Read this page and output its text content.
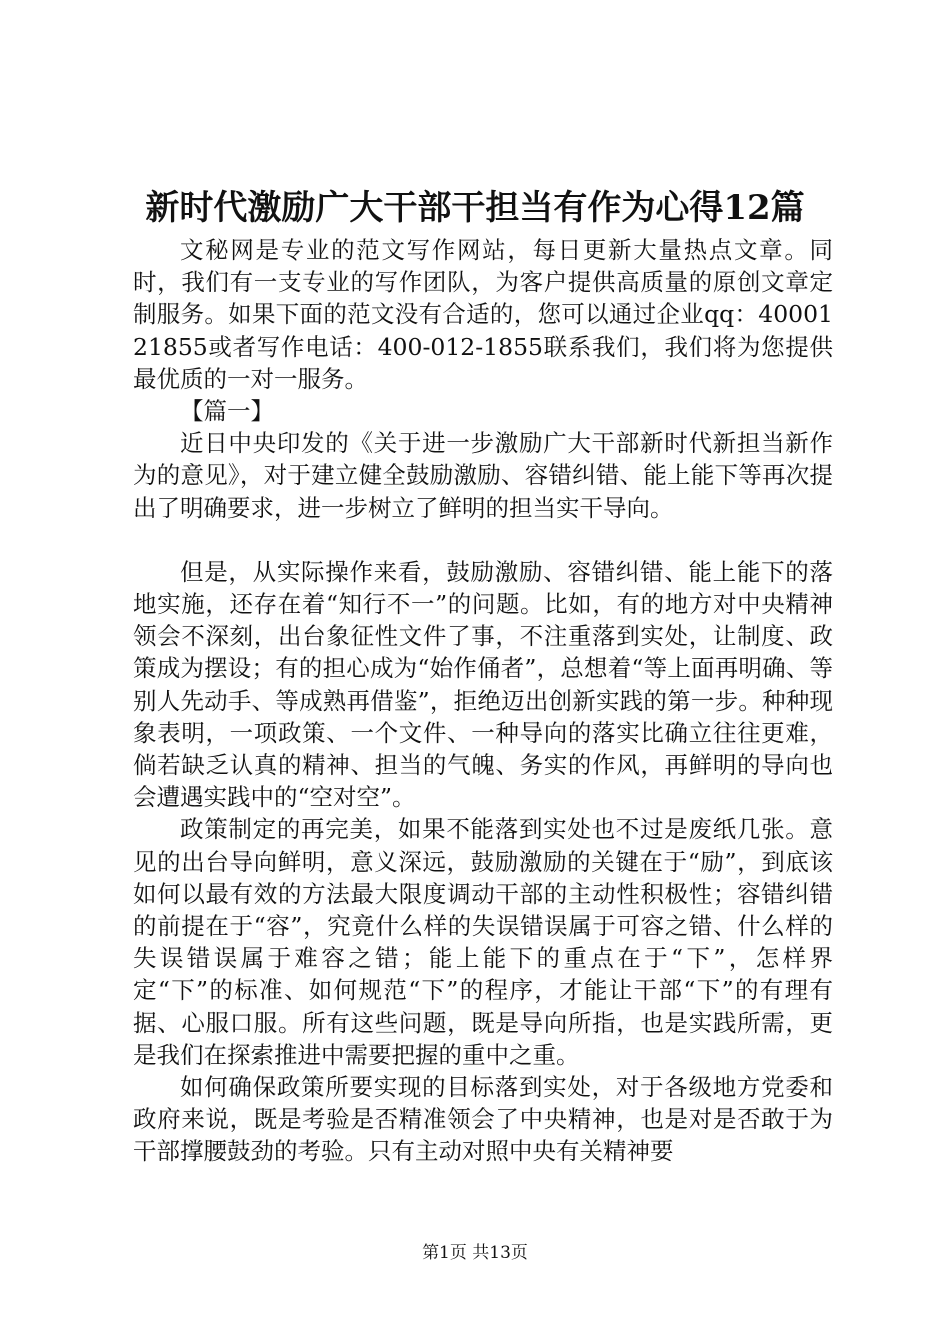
新时代激励广大干部干担当有作为心得12篇

文秘网是专业的范文写作网站，每日更新大量热点文章。同时，我们有一支专业的写作团队，为客户提供高质量的原创文章定制服务。如果下面的范文没有合适的，您可以通过企业qq：4000121855或者写作电话：400-012-1855联系我们，我们将为您提供最优质的一对一服务。

【篇一】

近日中央印发的《关于进一步激励广大干部新时代新担当新作为的意见》，对于建立健全鼓励激励、容错纠错、能上能下等再次提出了明确要求，进一步树立了鲜明的担当实干导向。

但是，从实际操作来看，鼓励激励、容错纠错、能上能下的落地实施，还存在着“知行不一”的问题。比如，有的地方对中央精神领会不深刻，出台象征性文件了事，不注重落到实处，让制度、政策成为摆设；有的担心成为“始作俑者”，总想着“等上面再明确、等别人先动手、等成熟再借鉴”，拒绝迈出创新实践的第一步。种种现象表明，一项政策、一个文件、一种导向的落实比确立往往更难，倘若缺乏认真的精神、担当的气魄、务实的作风，再鲜明的导向也会遭遇实践中的“空对空”。

政策制定的再完美，如果不能落到实处也不过是废纸几张。意见的出台导向鲜明，意义深远，鼓励激励的关键在于“励”，到底该如何以最有效的方法最大限度调动干部的主动性积极性；容错纠错的前提在于“容”，究竟什么样的失误错误属于可容之错、什么样的失误错误属于难容之错；能上能下的重点在于“下”，怎样界定“下”的标准、如何规范“下”的程序，才能让干部“下”的有理有据、心服口服。所有这些问题，既是导向所指，也是实践所需，更是我们在探索推进中需要把握的重中之重。

如何确保政策所要实现的目标落到实处，对于各级地方党委和政府来说，既是考验是否精准领会了中央精神，也是对是否敢于为干部撑腰鼓劲的考验。只有主动对照中央有关精神要

第1页 共13页
